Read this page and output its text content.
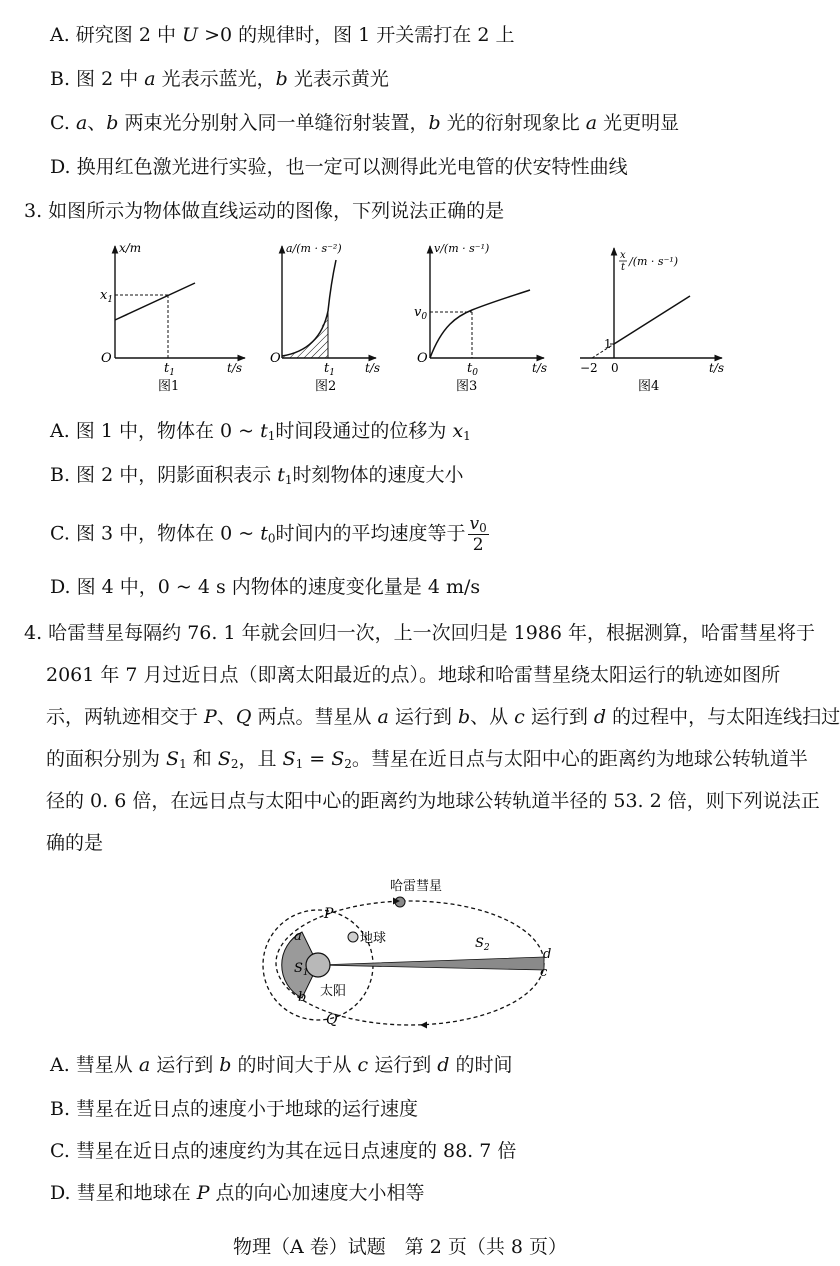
A. 研究图 2 中 U >0 的规律时，图 1 开关需打在 2 上
B. 图 2 中 a 光表示蓝光，b 光表示黄光
C. a、b 两束光分别射入同一单缝衍射装置，b 光的衍射现象比 a 光更明显
D. 换用红色激光进行实验，也一定可以测得此光电管的伏安特性曲线
3. 如图所示为物体做直线运动的图像，下列说法正确的是
x/m
t/s
$x_1$
$t_1$
O
图1
a/(m · s⁻²)
t/s
$t_1$
O
图2
v/(m · s⁻¹)
t/s
$v_0$
$t_0$
O
图3
x
t /(m · s⁻¹)
t/s
1
−2 0
图4
A. 图 1 中，物体在 0 ~ $t_1$时间段通过的位移为 $x_1$
B. 图 2 中，阴影面积表示 $t_1$时刻物体的速度大小
C. 图 3 中，物体在 0 ~ $t_0$时间内的平均速度等于 $\frac{v_0}{2}$
D. 图 4 中，0 ~ 4 s 内物体的速度变化量是 4 m/s
4. 哈雷彗星每隔约 76. 1 年就会回归一次，上一次回归是 1986 年，根据测算，哈雷彗星将于
2061 年 7 月过近日点（即离太阳最近的点）。地球和哈雷彗星绕太阳运行的轨迹如图所
示，两轨迹相交于 P、Q 两点。彗星从 a 运行到 b、从 c 运行到 d 的过程中，与太阳连线扫过
的面积分别为 $S_1$ 和 $S_2$，且 $S_1 = S_2$。彗星在近日点与太阳中心的距离约为地球公转轨道半
径的 0. 6 倍，在远日点与太阳中心的距离约为地球公转轨道半径的 53. 2 倍，则下列说法正
确的是
哈雷彗星
地球
太阳
P
Q
a
b
d
c
$S_1$
$S_2$
A. 彗星从 a 运行到 b 的时间大于从 c 运行到 d 的时间
B. 彗星在近日点的速度小于地球的运行速度
C. 彗星在近日点的速度约为其在远日点速度的 88. 7 倍
D. 彗星和地球在 P 点的向心加速度大小相等
物理（A 卷）试题　第 2 页（共 8 页）
